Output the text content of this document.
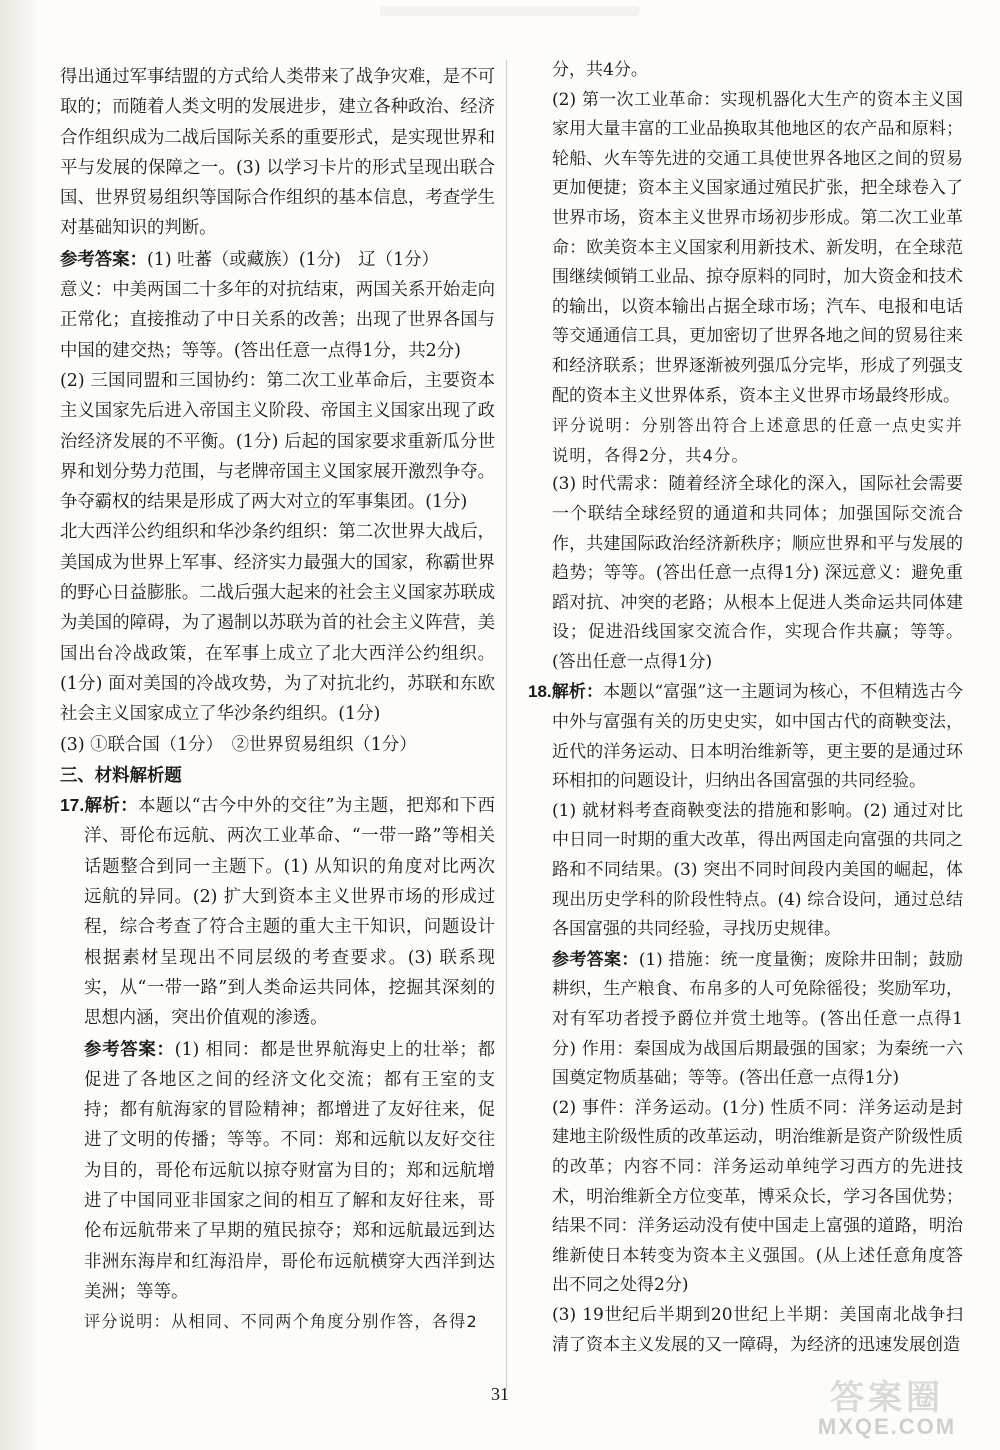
得出通过军事结盟的方式给人类带来了战争灾难，是不可取的；而随着人类文明的发展进步，建立各种政治、经济合作组织成为二战后国际关系的重要形式，是实现世界和平与发展的保障之一。(3) 以学习卡片的形式呈现出联合国、世界贸易组织等国际合作组织的基本信息，考查学生对基础知识的判断。

参考答案：(1) 吐蕃（或藏族）(1分)　辽（1分）

意义：中美两国二十多年的对抗结束，两国关系开始走向正常化；直接推动了中日关系的改善；出现了世界各国与中国的建交热；等等。(答出任意一点得1分，共2分)

(2) 三国同盟和三国协约：第二次工业革命后，主要资本主义国家先后进入帝国主义阶段、帝国主义国家出现了政治经济发展的不平衡。(1分) 后起的国家要求重新瓜分世界和划分势力范围，与老牌帝国主义国家展开激烈争夺。争夺霸权的结果是形成了两大对立的军事集团。(1分)

北大西洋公约组织和华沙条约组织：第二次世界大战后，美国成为世界上军事、经济实力最强大的国家，称霸世界的野心日益膨胀。二战后强大起来的社会主义国家苏联成为美国的障碍，为了遏制以苏联为首的社会主义阵营，美国出台冷战政策，在军事上成立了北大西洋公约组织。(1分) 面对美国的冷战攻势，为了对抗北约，苏联和东欧社会主义国家成立了华沙条约组织。(1分)

(3) ①联合国（1分）　②世界贸易组织（1分）

三、材料解析题

17.解析：本题以“古今中外的交往”为主题，把郑和下西洋、哥伦布远航、两次工业革命、“一带一路”等相关话题整合到同一主题下。(1) 从知识的角度对比两次远航的异同。(2) 扩大到资本主义世界市场的形成过程，综合考查了符合主题的重大主干知识，问题设计根据素材呈现出不同层级的考查要求。(3) 联系现实，从“一带一路”到人类命运共同体，挖掘其深刻的思想内涵，突出价值观的渗透。

参考答案：(1) 相同：都是世界航海史上的壮举；都促进了各地区之间的经济文化交流；都有王室的支持；都有航海家的冒险精神；都增进了友好往来，促进了文明的传播；等等。不同：郑和远航以友好交往为目的，哥伦布远航以掠夺财富为目的；郑和远航增进了中国同亚非国家之间的相互了解和友好往来，哥伦布远航带来了早期的殖民掠夺；郑和远航最远到达非洲东海岸和红海沿岸，哥伦布远航横穿大西洋到达美洲；等等。

评分说明：从相同、不同两个角度分别作答，各得2

分，共4分。

(2) 第一次工业革命：实现机器化大生产的资本主义国家用大量丰富的工业品换取其他地区的农产品和原料；轮船、火车等先进的交通工具使世界各地区之间的贸易更加便捷；资本主义国家通过殖民扩张，把全球卷入了世界市场，资本主义世界市场初步形成。第二次工业革命：欧美资本主义国家利用新技术、新发明，在全球范围继续倾销工业品、掠夺原料的同时，加大资金和技术的输出，以资本输出占据全球市场；汽车、电报和电话等交通通信工具，更加密切了世界各地之间的贸易往来和经济联系；世界逐渐被列强瓜分完毕，形成了列强支配的资本主义世界体系，资本主义世界市场最终形成。

评分说明：分别答出符合上述意思的任意一点史实并说明，各得2分，共4分。

(3) 时代需求：随着经济全球化的深入，国际社会需要一个联结全球经贸的通道和共同体；加强国际交流合作，共建国际政治经济新秩序；顺应世界和平与发展的趋势；等等。(答出任意一点得1分) 深远意义：避免重蹈对抗、冲突的老路；从根本上促进人类命运共同体建设；促进沿线国家交流合作，实现合作共赢；等等。(答出任意一点得1分)

18.解析：本题以“富强”这一主题词为核心，不但精选古今中外与富强有关的历史史实，如中国古代的商鞅变法，近代的洋务运动、日本明治维新等，更主要的是通过环环相扣的问题设计，归纳出各国富强的共同经验。

(1) 就材料考查商鞅变法的措施和影响。(2) 通过对比中日同一时期的重大改革，得出两国走向富强的共同之路和不同结果。(3) 突出不同时间段内美国的崛起，体现出历史学科的阶段性特点。(4) 综合设问，通过总结各国富强的共同经验，寻找历史规律。

参考答案：(1) 措施：统一度量衡；废除井田制；鼓励耕织，生产粮食、布帛多的人可免除徭役；奖励军功，对有军功者授予爵位并赏土地等。(答出任意一点得1分) 作用：秦国成为战国后期最强的国家；为秦统一六国奠定物质基础；等等。(答出任意一点得1分)

(2) 事件：洋务运动。(1分) 性质不同：洋务运动是封建地主阶级性质的改革运动，明治维新是资产阶级性质的改革；内容不同：洋务运动单纯学习西方的先进技术，明治维新全方位变革，博采众长，学习各国优势；结果不同：洋务运动没有使中国走上富强的道路，明治维新使日本转变为资本主义强国。(从上述任意角度答出不同之处得2分)

(3) 19世纪后半期到20世纪上半期：美国南北战争扫清了资本主义发展的又一障碍，为经济的迅速发展创造

31	答案圈
MXQE.COM
